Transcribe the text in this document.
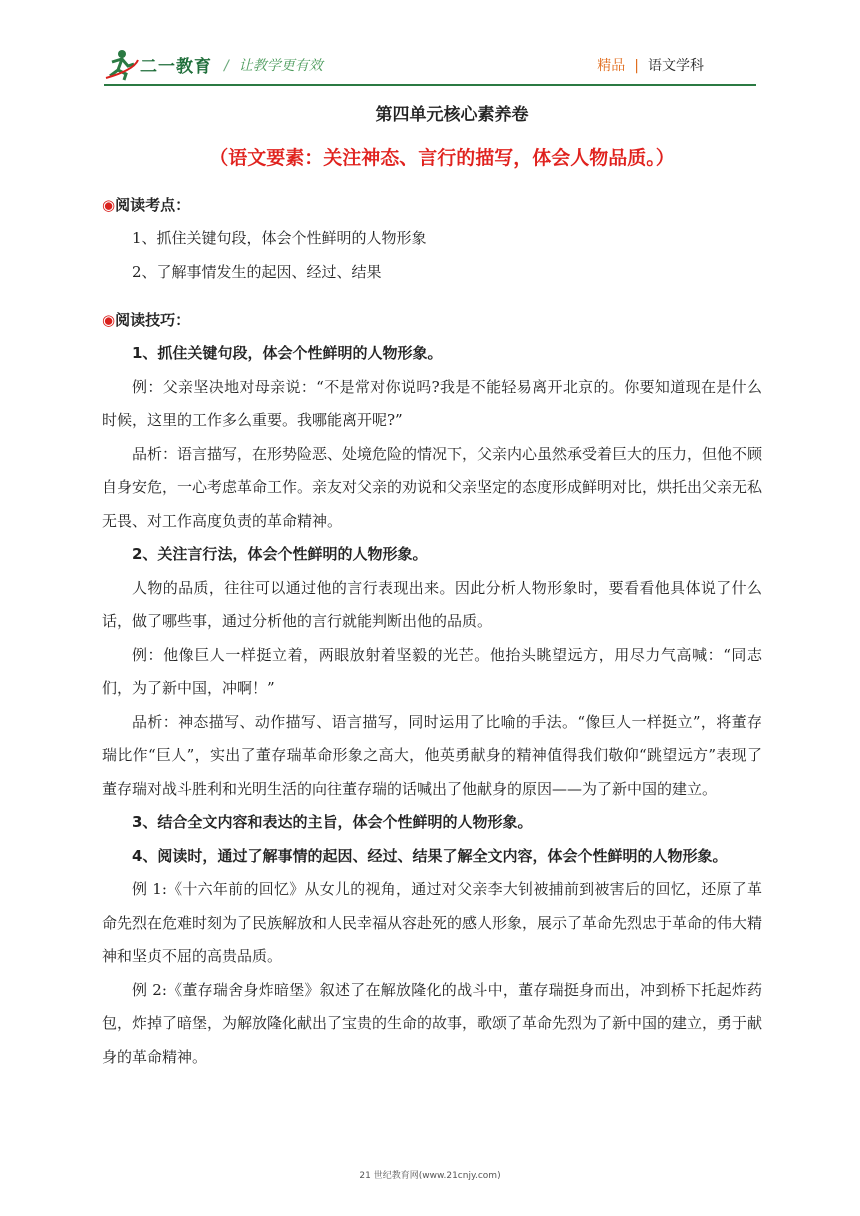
二一教育 / 让教学更有效	精品 | 语文学科
第四单元核心素养卷
（语文要素：关注神态、言行的描写，体会人物品质。）
◉阅读考点：

1、抓住关键句段，体会个性鲜明的人物形象

2、了解事情发生的起因、经过、结果

◉阅读技巧：

1、抓住关键句段，体会个性鲜明的人物形象。

例：父亲坚决地对母亲说：“不是常对你说吗?我是不能轻易离开北京的。你要知道现在是什么时候，这里的工作多么重要。我哪能离开呢?”

品析：语言描写，在形势险恶、处境危险的情况下，父亲内心虽然承受着巨大的压力，但他不顾自身安危，一心考虑革命工作。亲友对父亲的劝说和父亲坚定的态度形成鲜明对比，烘托出父亲无私无畏、对工作高度负责的革命精神。

2、关注言行法，体会个性鲜明的人物形象。

人物的品质，往往可以通过他的言行表现出来。因此分析人物形象时，要看看他具体说了什么话，做了哪些事，通过分析他的言行就能判断出他的品质。

例：他像巨人一样挺立着，两眼放射着坚毅的光芒。他抬头眺望远方，用尽力气高喊：“同志们，为了新中国，冲啊！”

品析：神态描写、动作描写、语言描写，同时运用了比喻的手法。“像巨人一样挺立”，将董存瑞比作“巨人”，实出了董存瑞革命形象之高大，他英勇献身的精神值得我们敬仰“跳望远方”表现了董存瑞对战斗胜利和光明生活的向往董存瑞的话喊出了他献身的原因——为了新中国的建立。

3、结合全文内容和表达的主旨，体会个性鲜明的人物形象。

4、阅读时，通过了解事情的起因、经过、结果了解全文内容，体会个性鲜明的人物形象。

例 1:《十六年前的回忆》从女儿的视角，通过对父亲李大钊被捕前到被害后的回忆，还原了革命先烈在危难时刻为了民族解放和人民幸福从容赴死的感人形象，展示了革命先烈忠于革命的伟大精神和坚贞不屈的高贵品质。

例 2:《董存瑞舍身炸暗堡》叙述了在解放隆化的战斗中，董存瑞挺身而出，冲到桥下托起炸药包，炸掉了暗堡，为解放隆化献出了宝贵的生命的故事，歌颂了革命先烈为了新中国的建立，勇于献身的革命精神。

21 世纪教育网(www.21cnjy.com)
